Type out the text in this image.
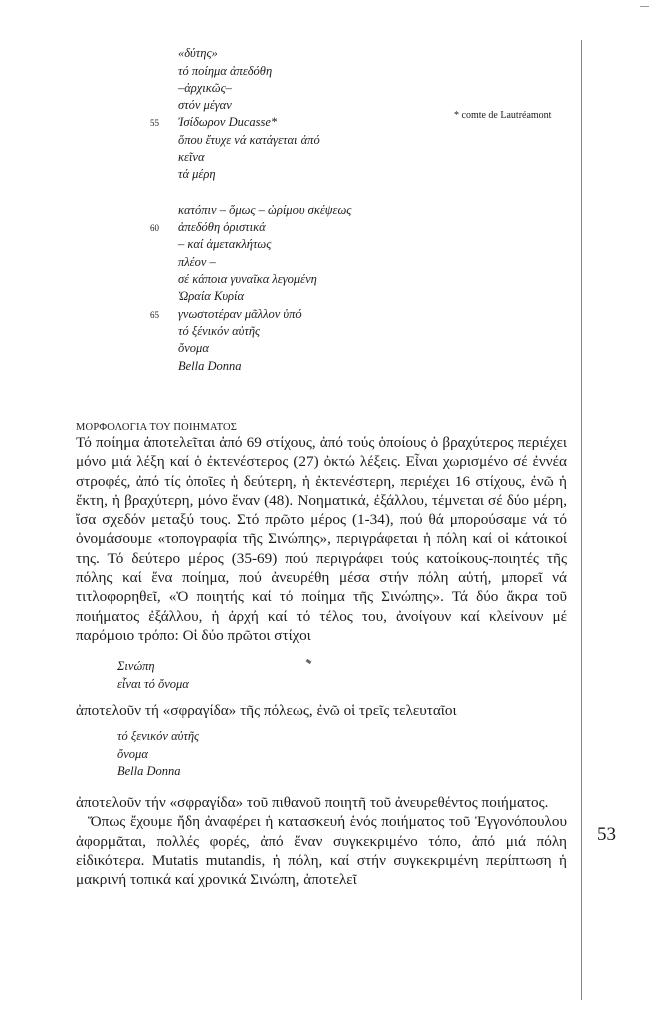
«δύτης»
τό ποίημα ἀπεδόθη
–ἀρχικῶς–
στόν μέγαν
Ἰσίδωρον Ducasse*
ὅπου ἔτυχε νά κατάγεται ἀπό
κεῖνα
τά μέρη
κατόπιν – ὅμως – ὡρίμου σκέψεως
ἀπεδόθη ὁριστικά
– καί ἀμετακλήτως
πλέον –
σέ κάποια γυναῖκα λεγομένη
Ὡραία Κυρία
γνωστοτέραν μᾶλλον ὑπό
τό ξένικόν αὐτῆς
ὄνομα
Bella Donna
55
60
65
* comte de Lautréamont
ΜΟΡΦΟΛΟΓΙΑ ΤΟΥ ΠΟΙΗΜΑΤΟΣ

Τό ποίημα ἀποτελεῖται ἀπό 69 στίχους, ἀπό τούς ὁποίους ὁ βραχύτερος περιέχει μόνο μιά λέξη καί ὁ ἐκτενέστερος (27) ὀκτώ λέξεις. Εἶναι χωρισμένο σέ ἐννέα στροφές, ἀπό τίς ὁποῖες ἡ δεύτερη, ἡ ἐκτενέστερη, περιέχει 16 στίχους, ἐνῶ ἡ ἕκτη, ἡ βραχύτερη, μόνο ἕναν (48). Νοηματικά, ἐξάλλου, τέμνεται σέ δύο μέρη, ἴσα σχεδόν μεταξύ τους. Στό πρῶτο μέρος (1-34), πού θά μπορούσαμε νά τό ὀνομάσουμε «τοπογραφία τῆς Σινώπης», περιγράφεται ἡ πόλη καί οἱ κάτοικοί της. Τό δεύτερο μέρος (35-69) πού περιγράφει τούς κατοίκους-ποιητές τῆς πόλης καί ἕνα ποίημα, πού ἀνευρέθη μέσα στήν πόλη αὐτή, μπορεῖ νά τιτλοφορηθεῖ, «Ὁ ποιητής καί τό ποίημα τῆς Σινώπης». Τά δύο ἄκρα τοῦ ποιήματος ἐξάλλου, ἡ ἀρχή καί τό τέλος του, ἀνοίγουν καί κλείνουν μέ παρόμοιο τρόπο: Οἱ δύο πρῶτοι στίχοι

Σινώπη
εἶναι τό ὄνομα

ἀποτελοῦν τή «σφραγίδα» τῆς πόλεως, ἐνῶ οἱ τρεῖς τελευταῖοι

τό ξενικόν αὐτῆς
ὄνομα
Bella Donna

ἀποτελοῦν τήν «σφραγίδα» τοῦ πιθανοῦ ποιητῆ τοῦ ἀνευρεθέντος ποιήματος.

Ὅπως ἔχουμε ἤδη ἀναφέρει ἡ κατασκευή ἑνός ποιήματος τοῦ Ἐγγονόπουλου ἀφορμᾶται, πολλές φορές, ἀπό ἕναν συγκεκριμένο τόπο, ἀπό μιά πόλη εἰδικότερα. Mutatis mutandis, ἡ πόλη, καί στήν συγκεκριμένη περίπτωση ἡ μακρινή τοπικά καί χρονικά Σινώπη, ἀποτελεῖ

53
